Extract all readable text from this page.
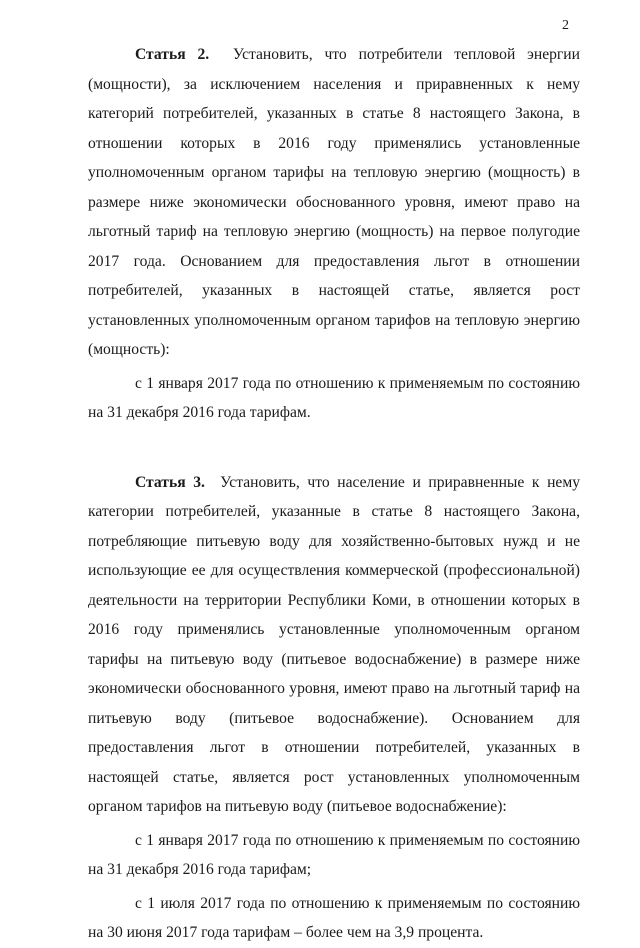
2

Статья 2. Установить, что потребители тепловой энергии (мощности), за исключением населения и приравненных к нему категорий потребителей, указанных в статье 8 настоящего Закона, в отношении которых в 2016 году применялись установленные уполномоченным органом тарифы на тепловую энергию (мощность) в размере ниже экономически обоснованного уровня, имеют право на льготный тариф на тепловую энергию (мощность) на первое полугодие 2017 года. Основанием для предоставления льгот в отношении потребителей, указанных в настоящей статье, является рост установленных уполномоченным органом тарифов на тепловую энергию (мощность):

с 1 января 2017 года по отношению к применяемым по состоянию на 31 декабря 2016 года тарифам.

Статья 3. Установить, что население и приравненные к нему категории потребителей, указанные в статье 8 настоящего Закона, потребляющие питьевую воду для хозяйственно-бытовых нужд и не использующие ее для осуществления коммерческой (профессиональной) деятельности на территории Республики Коми, в отношении которых в 2016 году применялись установленные уполномоченным органом тарифы на питьевую воду (питьевое водоснабжение) в размере ниже экономически обоснованного уровня, имеют право на льготный тариф на питьевую воду (питьевое водоснабжение). Основанием для предоставления льгот в отношении потребителей, указанных в настоящей статье, является рост установленных уполномоченным органом тарифов на питьевую воду (питьевое водоснабжение):

с 1 января 2017 года по отношению к применяемым по состоянию на 31 декабря 2016 года тарифам;

с 1 июля 2017 года по отношению к применяемым по состоянию на 30 июня 2017 года тарифам – более чем на 3,9 процента.
